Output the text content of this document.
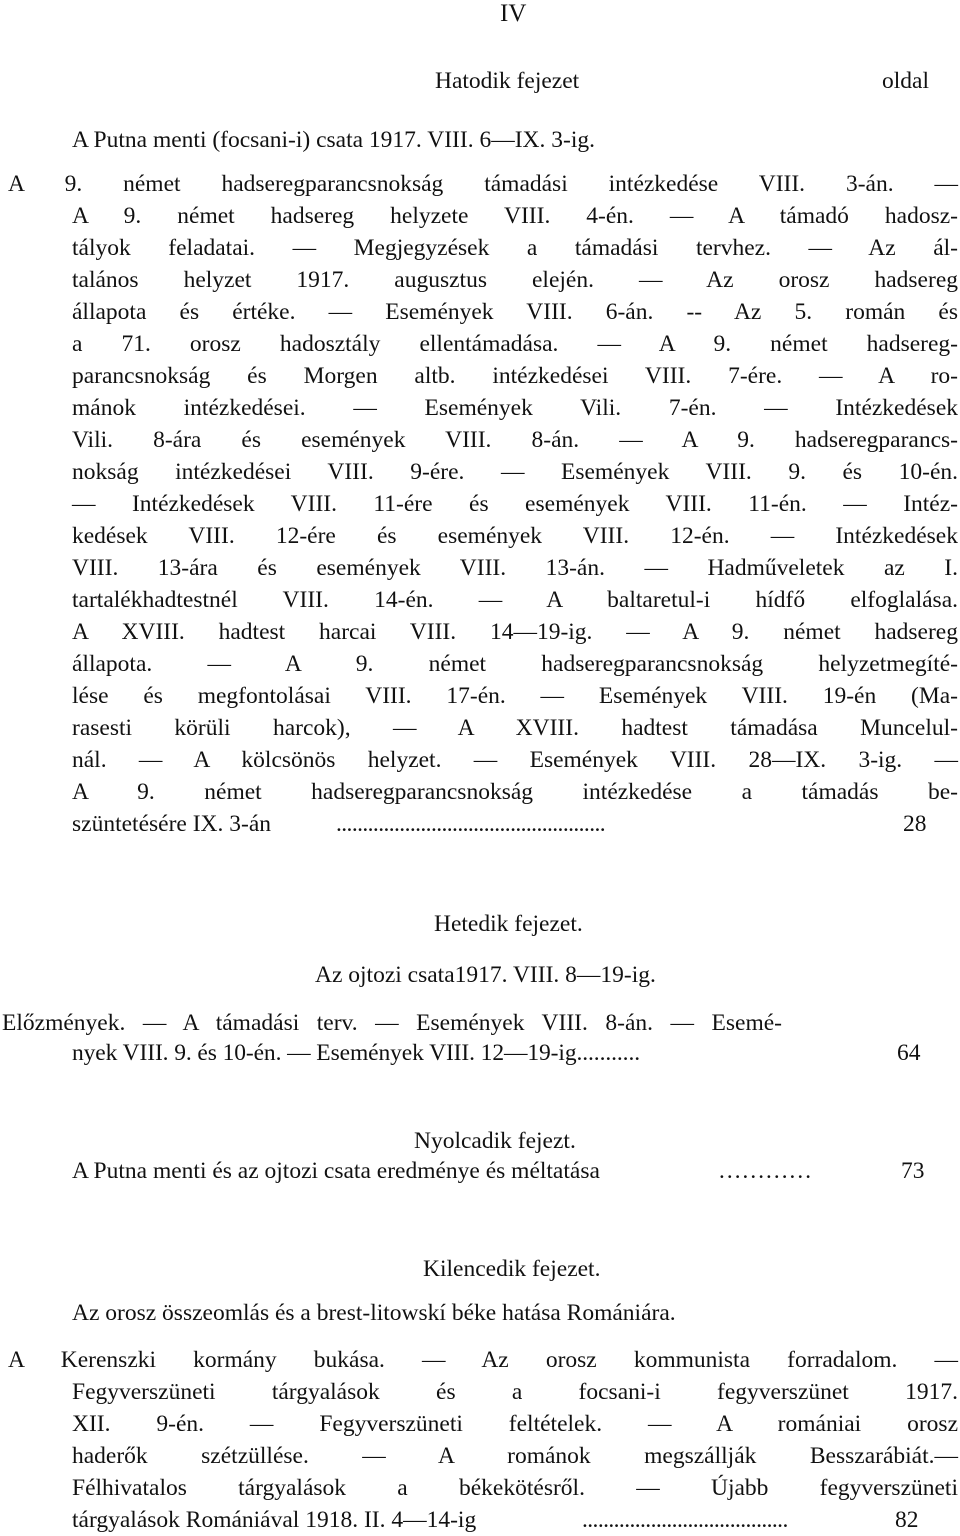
IV
Hatodik fejezet	oldal
A Putna menti (focsani-i) csata 1917. VIII. 6—IX. 3-ig.
A 9. német hadseregparancsnokság támadási intézkedése VIII. 3-án. —
A 9. német hadsereg helyzete VIII. 4-én. — A támadó hadosz-
tályok feladatai. — Megjegyzések a támadási tervhez. — Az ál-
talános helyzet 1917. augusztus elején. — Az orosz hadsereg
állapota és értéke. — Események VIII. 6-án. -- Az 5. román és
a 71. orosz hadosztály ellentámadása. — A 9. német hadsereg-
parancsnokság és Morgen altb. intézkedései VIII. 7-ére. — A ro-
mánok intézkedései. — Események Vili. 7-én. — Intézkedések
Vili. 8-ára és események VIII. 8-án. — A 9. hadseregparancs-
nokság intézkedései VIII. 9-ére. — Események VIII. 9. és 10-én.
— Intézkedések VIII. 11-ére és események VIII. 11-én. — Intéz-
kedések VIII. 12-ére és események VIII. 12-én. — Intézkedések
VIII. 13-ára és események VIII. 13-án. — Hadműveletek az I.
tartalékhadtestnél VIII. 14-én. — A baltaretul-i hídfő elfoglalása.
A XVIII. hadtest harcai VIII. 14—19-ig. — A 9. német hadsereg
állapota. — A 9. német hadseregparancsnokság helyzetmegíté-
lése és megfontolásai VIII. 17-én. — Események VIII. 19-én (Ma-
rasesti körüli harcok), — A XVIII. hadtest támadása Muncelul-
nál. — A kölcsönös helyzet. — Események VIII. 28—IX. 3-ig. —
A 9. német hadseregparancsnokság intézkedése a támadás be-
szüntetésére IX. 3-án	...................................................	28
Hetedik fejezet.
Az ojtozi csata1917. VIII. 8—19-ig.
Előzmények. — A támadási terv. — Események VIII. 8-án. — Esemé-
nyek VIII. 9. és 10-én. — Események VIII. 12—19-ig...........	64
Nyolcadik fejezt.
A Putna menti és az ojtozi csata eredménye és méltatása	…………	73
Kilencedik fejezet.
Az orosz összeomlás és a brest-litowskí béke hatása Romániára.
A Kerenszki kormány bukása. — Az orosz kommunista forradalom. —
Fegyverszüneti tárgyalások és a focsani-i fegyverszünet 1917.
XII. 9-én. — Fegyverszüneti feltételek. — A romániai orosz
haderők szétzüllése. — A románok megszállják Besszarábiát.—
Félhivatalos tárgyalások a békekötésről. — Újabb fegyverszüneti
tárgyalások Romániával 1918. II. 4—14-ig	.......................................	82
